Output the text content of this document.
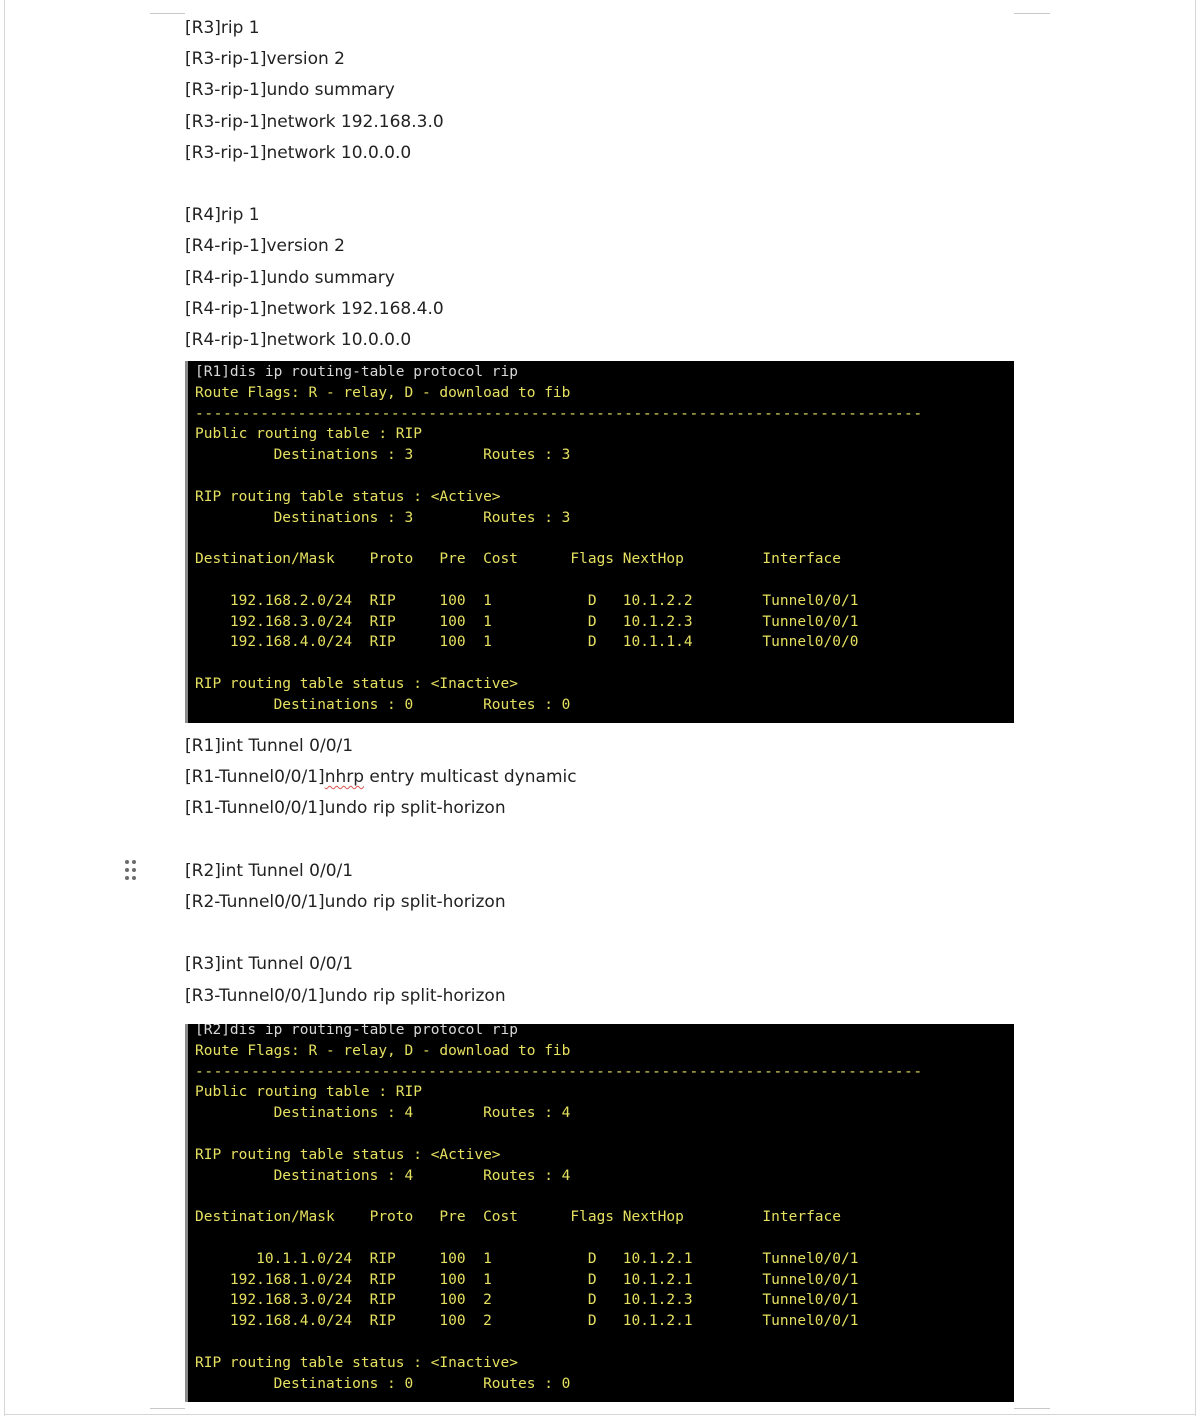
[R3]rip 1
[R3-rip-1]version 2
[R3-rip-1]undo summary
[R3-rip-1]network 192.168.3.0
[R3-rip-1]network 10.0.0.0
[R4]rip 1
[R4-rip-1]version 2
[R4-rip-1]undo summary
[R4-rip-1]network 192.168.4.0
[R4-rip-1]network 10.0.0.0
[R1]dis ip routing-table protocol rip
Route Flags: R - relay, D - download to fib
------------------------------------------------------------------------------
Public routing table : RIP
Destinations : 3        Routes : 3
RIP routing table status : <Active>
Destinations : 3        Routes : 3
Destination/Mask    Proto   Pre  Cost      Flags NextHop         Interface
192.168.2.0/24  RIP     100  1           D   10.1.2.2        Tunnel0/0/1
192.168.3.0/24  RIP     100  1           D   10.1.2.3        Tunnel0/0/1
192.168.4.0/24  RIP     100  1           D   10.1.1.4        Tunnel0/0/0
RIP routing table status : <Inactive>
Destinations : 0        Routes : 0
[R1]int Tunnel 0/0/1
[R1-Tunnel0/0/1]nhrp entry multicast dynamic
[R1-Tunnel0/0/1]undo rip split-horizon
[R2]int Tunnel 0/0/1
[R2-Tunnel0/0/1]undo rip split-horizon
[R3]int Tunnel 0/0/1
[R3-Tunnel0/0/1]undo rip split-horizon
[R2]dis ip routing-table protocol rip
Route Flags: R - relay, D - download to fib
------------------------------------------------------------------------------
Public routing table : RIP
Destinations : 4        Routes : 4
RIP routing table status : <Active>
Destinations : 4        Routes : 4
Destination/Mask    Proto   Pre  Cost      Flags NextHop         Interface
10.1.1.0/24  RIP     100  1           D   10.1.2.1        Tunnel0/0/1
192.168.1.0/24  RIP     100  1           D   10.1.2.1        Tunnel0/0/1
192.168.3.0/24  RIP     100  2           D   10.1.2.3        Tunnel0/0/1
192.168.4.0/24  RIP     100  2           D   10.1.2.1        Tunnel0/0/1
RIP routing table status : <Inactive>
Destinations : 0        Routes : 0
